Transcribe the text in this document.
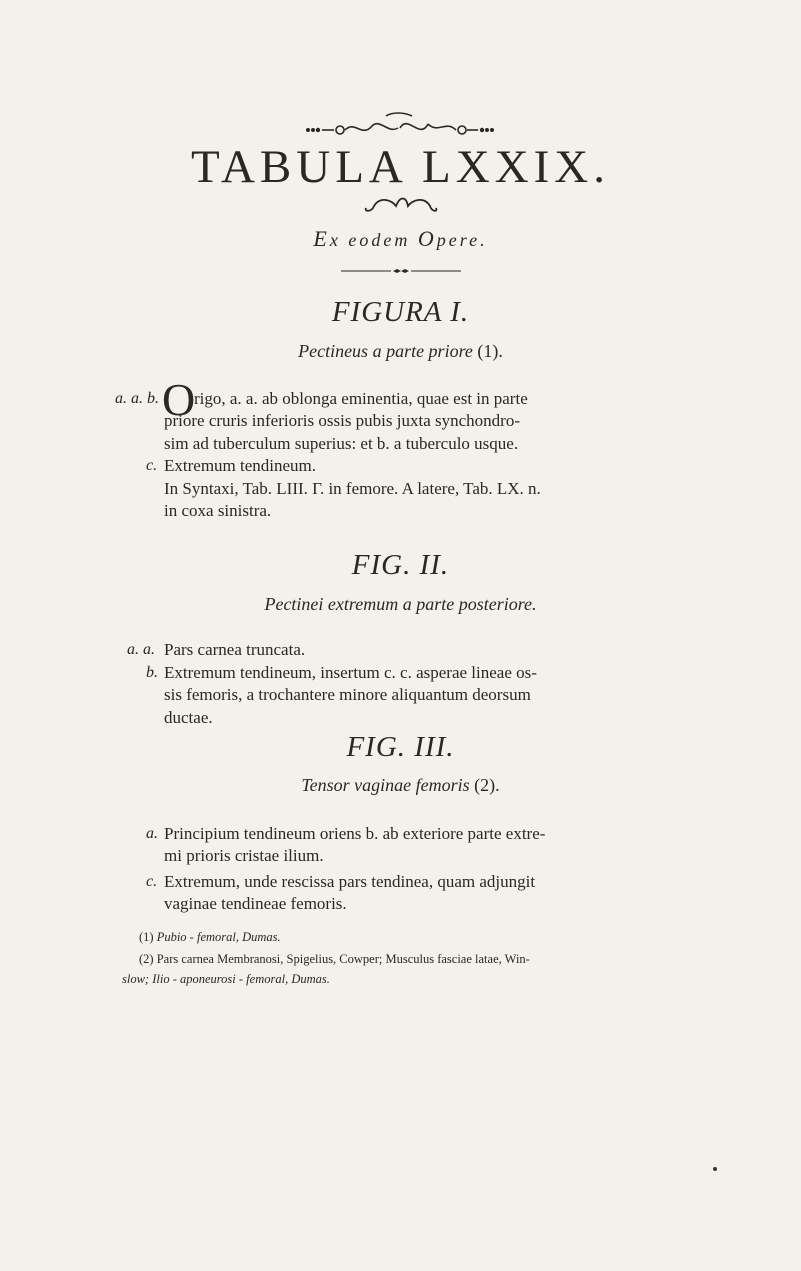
TABULA LXXIX.
Ex eodem Opere.
FIGURA I.
Pectineus a parte priore (1).
a. a. b. O
rigo, a. a. ab oblonga eminentia, quae est in parte
priore cruris inferioris ossis pubis juxta synchondro-
sim ad tuberculum superius: et b. a tuberculo usque.
c. Extremum tendineum.
In Syntaxi, Tab. LIII. Γ. in femore. A latere, Tab. LX. n.
in coxa sinistra.
FIG. II.
Pectinei extremum a parte posteriore.
a. a. Pars carnea truncata.
b. Extremum tendineum, insertum c. c. asperae lineae os-
sis femoris, a trochantere minore aliquantum deorsum
ductae.
FIG. III.
Tensor vaginae femoris (2).
a. Principium tendineum oriens b. ab exteriore parte extre-
mi prioris cristae ilium.
c. Extremum, unde rescissa pars tendinea, quam adjungit
vaginae tendineae femoris.
(1) Pubio - femoral, Dumas.
(2) Pars carnea Membranosi, Spigelius, Cowper; Musculus fasciae latae, Win-
slow; Ilio - aponeurosi - femoral, Dumas.
